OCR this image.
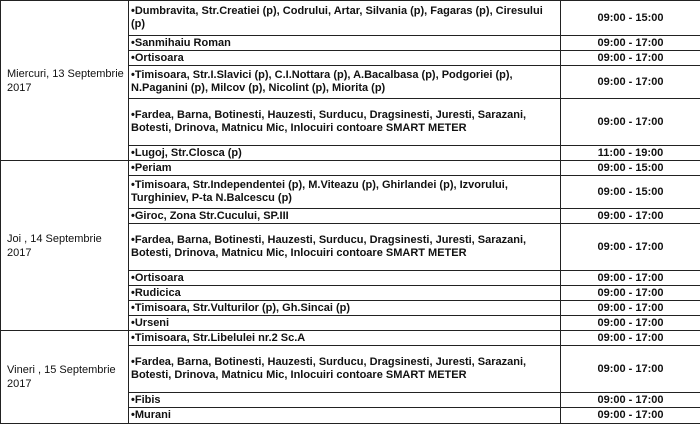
Miercuri, 13 Septembrie 2017	•Dumbravita, Str.Creatiei (p), Codrului, Artar, Silvania (p), Fagaras (p), Ciresului (p)	09:00 - 15:00
	•Sanmihaiu Roman	09:00 - 17:00
	•Ortisoara	09:00 - 17:00
	•Timisoara, Str.I.Slavici (p), C.I.Nottara (p), A.Bacalbasa (p), Podgoriei (p), N.Paganini (p), Milcov (p), Nicolint (p), Miorita (p)	09:00 - 17:00
	•Fardea, Barna, Botinesti, Hauzesti, Surducu, Dragsinesti, Juresti, Sarazani, Botesti, Drinova, Matnicu Mic, Inlocuiri contoare SMART METER	09:00 - 17:00
	•Lugoj, Str.Closca (p)	11:00 - 19:00
Joi , 14 Septembrie 2017	•Periam	09:00 - 15:00
	•Timisoara, Str.Independentei (p), M.Viteazu (p), Ghirlandei (p), Izvorului, Turghiniev, P-ta N.Balcescu (p)	09:00 - 15:00
	•Giroc, Zona Str.Cucului, SP.III	09:00 - 17:00
	•Fardea, Barna, Botinesti, Hauzesti, Surducu, Dragsinesti, Juresti, Sarazani, Botesti, Drinova, Matnicu Mic, Inlocuiri contoare SMART METER	09:00 - 17:00
	•Ortisoara	09:00 - 17:00
	•Rudicica	09:00 - 17:00
	•Timisoara, Str.Vulturilor (p), Gh.Sincai (p)	09:00 - 17:00
	•Urseni	09:00 - 17:00
Vineri , 15 Septembrie 2017	•Timisoara, Str.Libelulei nr.2 Sc.A	09:00 - 17:00
	•Fardea, Barna, Botinesti, Hauzesti, Surducu, Dragsinesti, Juresti, Sarazani, Botesti, Drinova, Matnicu Mic, Inlocuiri contoare SMART METER	09:00 - 17:00
	•Fibis	09:00 - 17:00
	•Murani	09:00 - 17:00
